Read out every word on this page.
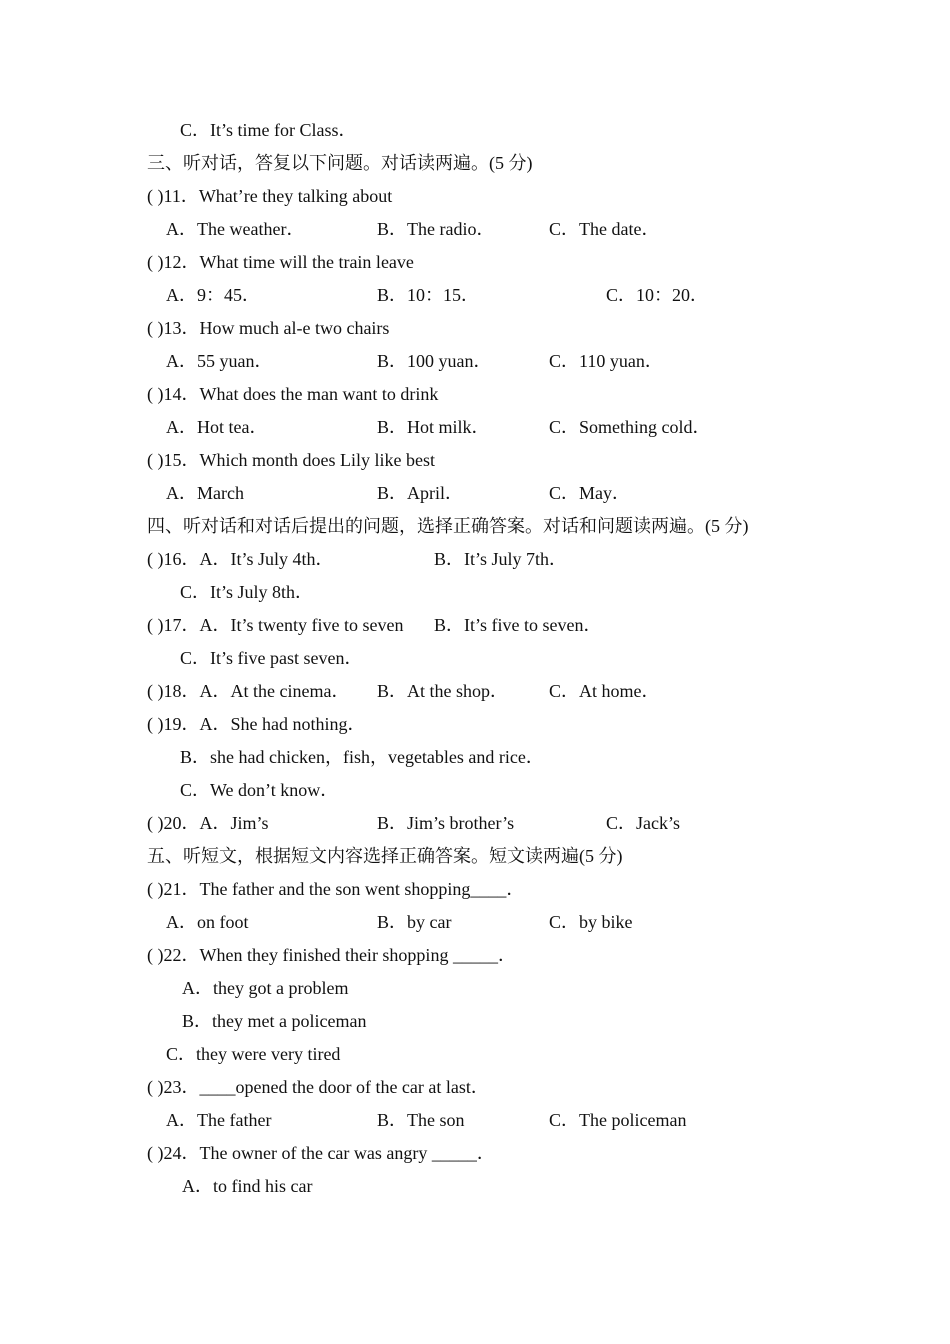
C．It’s time for Class．
三、听对话，答复以下问题。对话读两遍。(5 分)
( )11．What’re they talking about
A．The weather．	B．The radio．	C．The date．
( )12．What time will the train leave
A．9：45．	B．10：15．	C．10：20．
( )13．How much al-e two chairs
A．55 yuan．	B．100 yuan．	C．110 yuan．
( )14．What does the man want to drink
A．Hot tea．	B．Hot milk．	C．Something cold．
( )15．Which month does Lily like best
A．March	B．April．	C．May．
四、听对话和对话后提出的问题，选择正确答案。对话和问题读两遍。(5 分)
( )16．A．It’s July 4th．	B．It’s July 7th．
C．It’s July 8th．
( )17．A．It’s twenty five to seven B．It’s five to seven．
C．It’s five past seven．
( )18．A．At the cinema． B．At the shop． C．At home．
( )19．A．She had nothing．
B．she had chicken，fish，vegetables and rice．
C．We don’t know．
( )20．A．Jim’s	B．Jim’s brother’s	C．Jack’s
五、听短文，根据短文内容选择正确答案。短文读两遍(5 分)
( )21．The father and the son went shopping____．
A．on foot	B．by car	C．by bike
( )22．When they finished their shopping _____．
A．they got a problem
B．they met a policeman
C．they were very tired
( )23．____opened the door of the car at last．
A．The father	B．The son	C．The policeman
( )24．The owner of the car was angry _____．
A．to find his car
